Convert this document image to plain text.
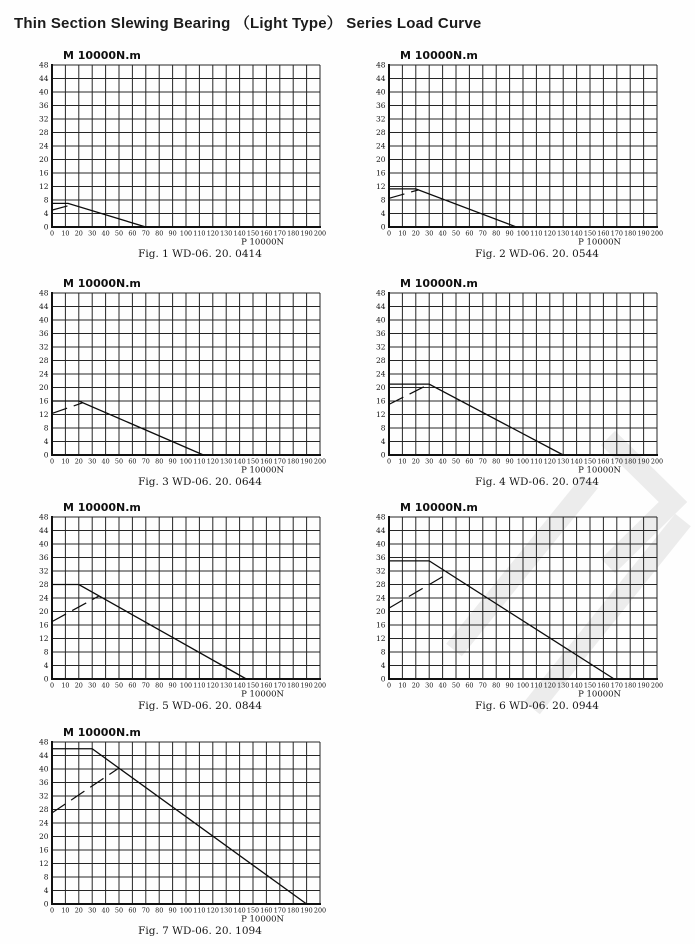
Thin Section Slewing Bearing （Light Type） Series Load Curve
0 10 20 30 40 50 60 70 80 90 100 110 120 130 140 150 160 170 180 190 200
0
4
8
12
16
20
24
28
32
36
40
44
48
M 10000N.m
P 10000N
Fig. 1 WD-06. 20. 0414
0 10 20 30 40 50 60 70 80 90 100 110 120 130 140 150 160 170 180 190 200
0
4
8
12
16
20
24
28
32
36
40
44
48
M 10000N.m
P 10000N
Fig. 2 WD-06. 20. 0544
0 10 20 30 40 50 60 70 80 90 100 110 120 130 140 150 160 170 180 190 200
0
4
8
12
16
20
24
28
32
36
40
44
48
M 10000N.m
P 10000N
Fig. 3 WD-06. 20. 0644
0 10 20 30 40 50 60 70 80 90 100 110 120 130 140 150 160 170 180 190 200
0
4
8
12
16
20
24
28
32
36
40
44
48
M 10000N.m
P 10000N
Fig. 4 WD-06. 20. 0744
0 10 20 30 40 50 60 70 80 90 100 110 120 130 140 150 160 170 180 190 200
0
4
8
12
16
20
24
28
32
36
40
44
48
M 10000N.m
P 10000N
Fig. 5 WD-06. 20. 0844
0 10 20 30 40 50 60 70 80 90 100 110 120 130 140 150 160 170 180 190 200
0
4
8
12
16
20
24
28
32
36
40
44
48
M 10000N.m
P 10000N
Fig. 6 WD-06. 20. 0944
0 10 20 30 40 50 60 70 80 90 100 110 120 130 140 150 160 170 180 190 200
0
4
8
12
16
20
24
28
32
36
40
44
48
M 10000N.m
P 10000N
Fig. 7 WD-06. 20. 1094
